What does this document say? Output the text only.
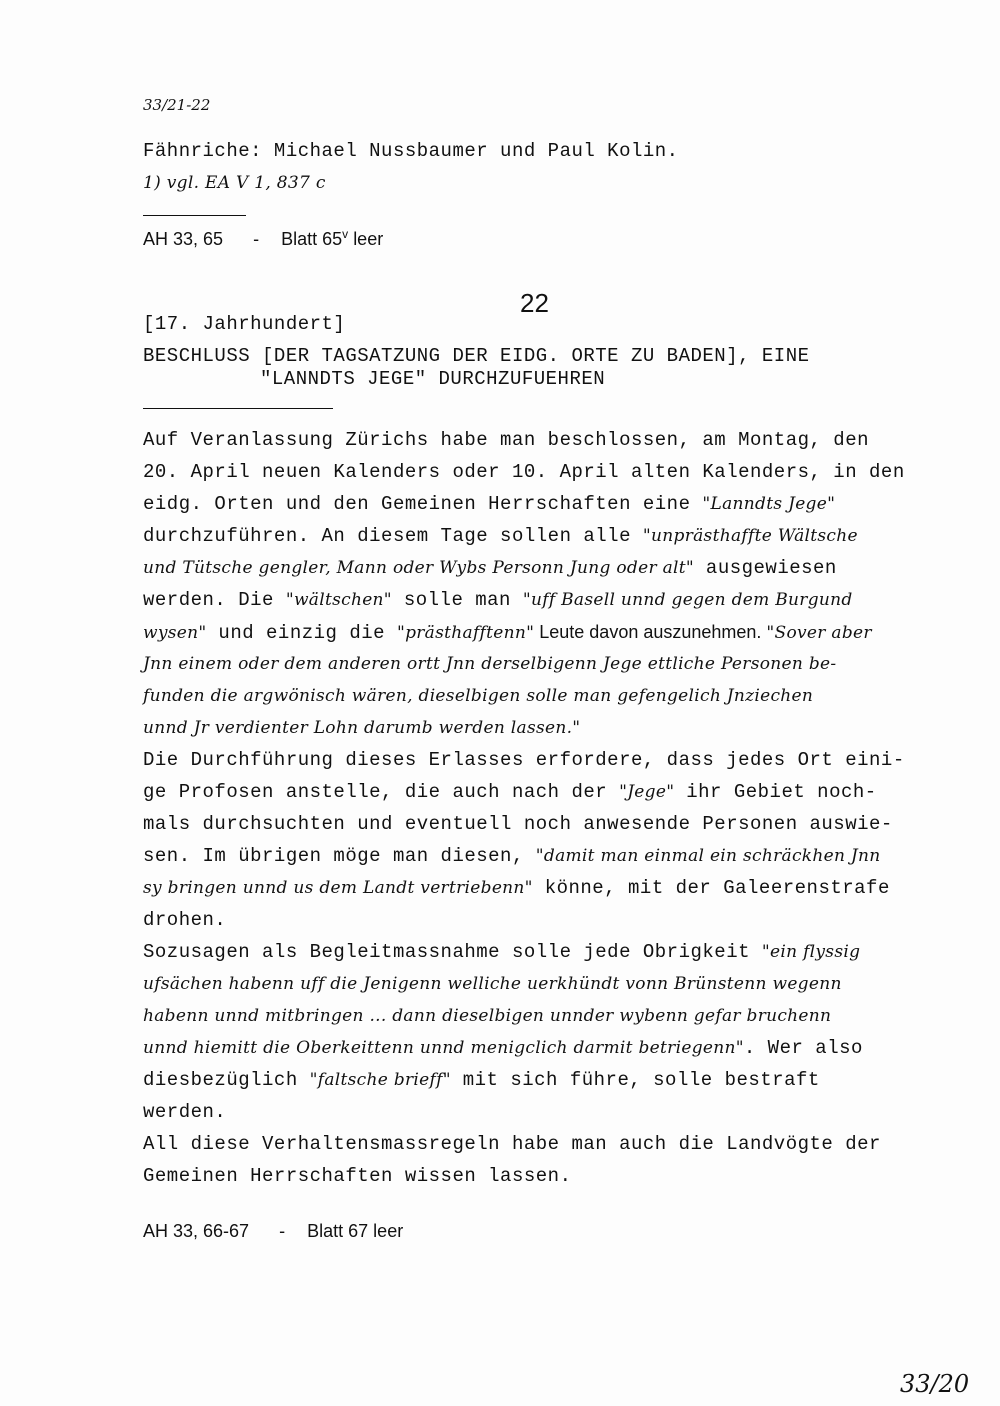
33/21-22
Fähnriche: Michael Nussbaumer und Paul Kolin.
1) vgl. EA V 1, 837 c
AH 33, 65 - Blatt 65$^v$ leer
22
[17. Jahrhundert]
BESCHLUSS [DER TAGSATZUNG DER EIDG. ORTE ZU BADEN], EINE
"LANNDTS JEGE" DURCHZUFUEHREN
Auf Veranlassung Zürichs habe man beschlossen, am Montag, den
20. April neuen Kalenders oder 10. April alten Kalenders, in den
eidg. Orten und den Gemeinen Herrschaften eine "Lanndts Jege"
durchzuführen. An diesem Tage sollen alle "unprästhaffte Wältsche
und Tütsche gengler, Mann oder Wybs Personn Jung oder alt" ausgewiesen
werden. Die "wältschen" solle man "uff Basell unnd gegen dem Burgund
wysen" und einzig die "prästhafftenn" Leute davon auszunehmen. "Sover aber
Jnn einem oder dem anderen ortt Jnn derselbigenn Jege ettliche Personen be-
funden die argwönisch wären, dieselbigen solle man gefengelich Jnziechen
unnd Jr verdienter Lohn darumb werden lassen."
Die Durchführung dieses Erlasses erfordere, dass jedes Ort eini-
ge Profosen anstelle, die auch nach der "Jege" ihr Gebiet noch-
mals durchsuchten und eventuell noch anwesende Personen auswie-
sen. Im übrigen möge man diesen, "damit man einmal ein schräckhen Jnn
sy bringen unnd us dem Landt vertriebenn" könne, mit der Galeerenstrafe
drohen.
Sozusagen als Begleitmassnahme solle jede Obrigkeit "ein flyssig
ufsächen habenn uff die Jenigenn welliche uerkhündt vonn Brünstenn wegenn
habenn unnd mitbringen ... dann dieselbigen unnder wybenn gefar bruchenn
unnd hiemitt die Oberkeittenn unnd menigclich darmit betriegenn". Wer also
diesbezüglich "faltsche brieff" mit sich führe, solle bestraft
werden.
All diese Verhaltensmassregeln habe man auch die Landvögte der
Gemeinen Herrschaften wissen lassen.
AH 33, 66-67 - Blatt 67 leer
33/20
